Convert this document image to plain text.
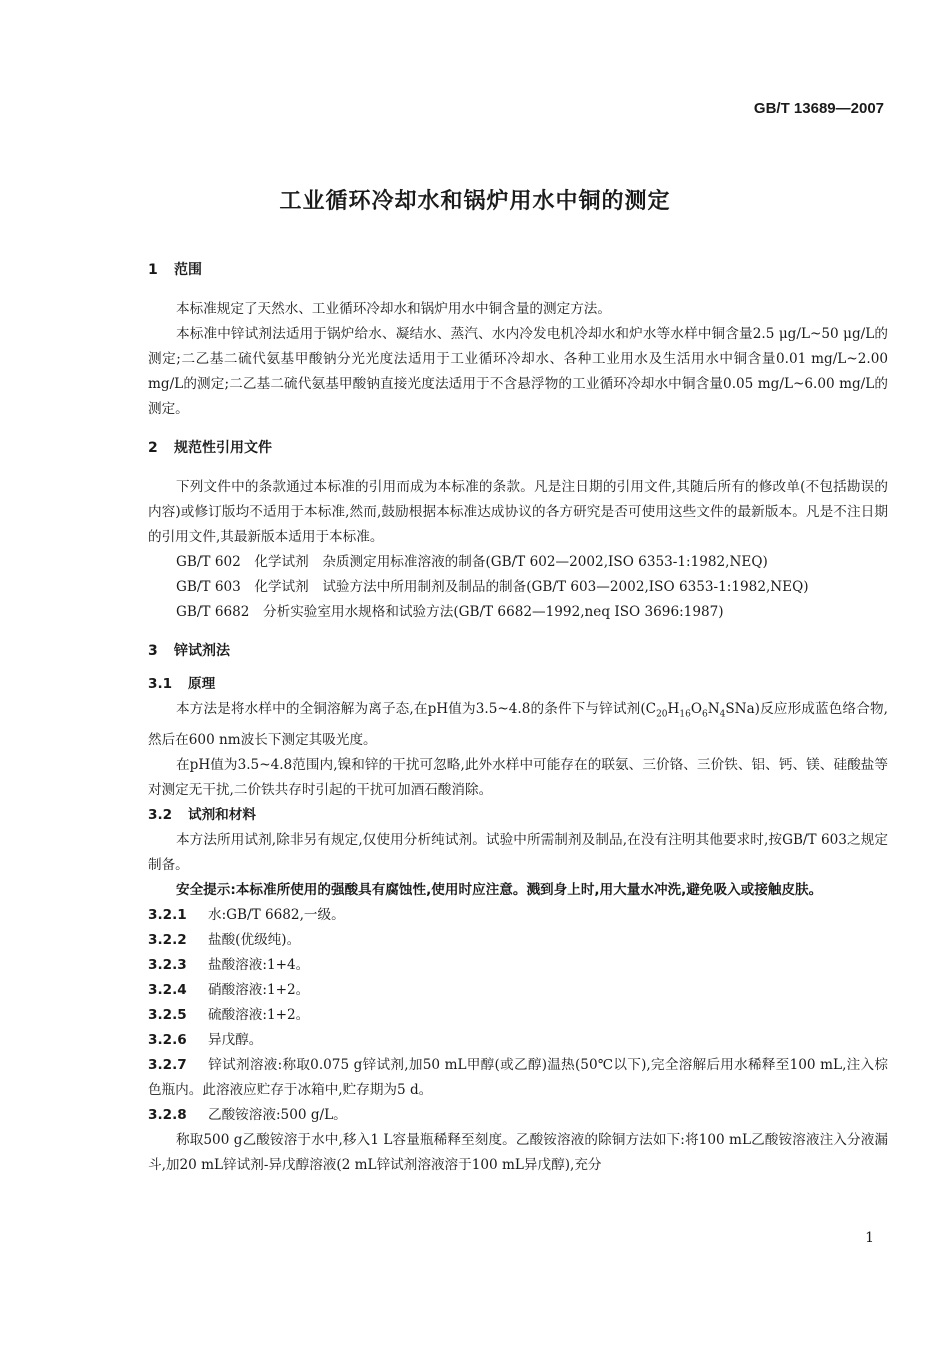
GB/T 13689—2007
工业循环冷却水和锅炉用水中铜的测定
1 范围

本标准规定了天然水、工业循环冷却水和锅炉用水中铜含量的测定方法。

本标准中锌试剂法适用于锅炉给水、凝结水、蒸汽、水内冷发电机冷却水和炉水等水样中铜含量2.5 μg/L~50 μg/L的测定;二乙基二硫代氨基甲酸钠分光光度法适用于工业循环冷却水、各种工业用水及生活用水中铜含量0.01 mg/L~2.00 mg/L的测定;二乙基二硫代氨基甲酸钠直接光度法适用于不含悬浮物的工业循环冷却水中铜含量0.05 mg/L~6.00 mg/L的测定。

2 规范性引用文件

下列文件中的条款通过本标准的引用而成为本标准的条款。凡是注日期的引用文件,其随后所有的修改单(不包括勘误的内容)或修订版均不适用于本标准,然而,鼓励根据本标准达成协议的各方研究是否可使用这些文件的最新版本。凡是不注日期的引用文件,其最新版本适用于本标准。

GB/T 602　化学试剂　杂质测定用标准溶液的制备(GB/T 602—2002,ISO 6353-1:1982,NEQ)

GB/T 603　化学试剂　试验方法中所用制剂及制品的制备(GB/T 603—2002,ISO 6353-1:1982,NEQ)

GB/T 6682　分析实验室用水规格和试验方法(GB/T 6682—1992,neq ISO 3696:1987)

3 锌试剂法
3.1 原理

本方法是将水样中的全铜溶解为离子态,在pH值为3.5~4.8的条件下与锌试剂$(C_{20}H_{16}O_6N_4SNa)$反应形成蓝色络合物,然后在600 nm波长下测定其吸光度。

在pH值为3.5~4.8范围内,镍和锌的干扰可忽略,此外水样中可能存在的联氨、三价铬、三价铁、铝、钙、镁、硅酸盐等对测定无干扰,二价铁共存时引起的干扰可加酒石酸消除。

3.2 试剂和材料

本方法所用试剂,除非另有规定,仅使用分析纯试剂。试验中所需制剂及制品,在没有注明其他要求时,按GB/T 603之规定制备。

安全提示:本标准所使用的强酸具有腐蚀性,使用时应注意。溅到身上时,用大量水冲洗,避免吸入或接触皮肤。

3.2.1 水:GB/T 6682,一级。

3.2.2 盐酸(优级纯)。

3.2.3 盐酸溶液:1+4。

3.2.4 硝酸溶液:1+2。

3.2.5 硫酸溶液:1+2。

3.2.6 异戊醇。

3.2.7 锌试剂溶液:称取0.075 g锌试剂,加50 mL甲醇(或乙醇)温热(50℃以下),完全溶解后用水稀释至100 mL,注入棕色瓶内。此溶液应贮存于冰箱中,贮存期为5 d。

3.2.8 乙酸铵溶液:500 g/L。

称取500 g乙酸铵溶于水中,移入1 L容量瓶稀释至刻度。乙酸铵溶液的除铜方法如下:将100 mL乙酸铵溶液注入分液漏斗,加20 mL锌试剂-异戊醇溶液(2 mL锌试剂溶液溶于100 mL异戊醇),充分

1
